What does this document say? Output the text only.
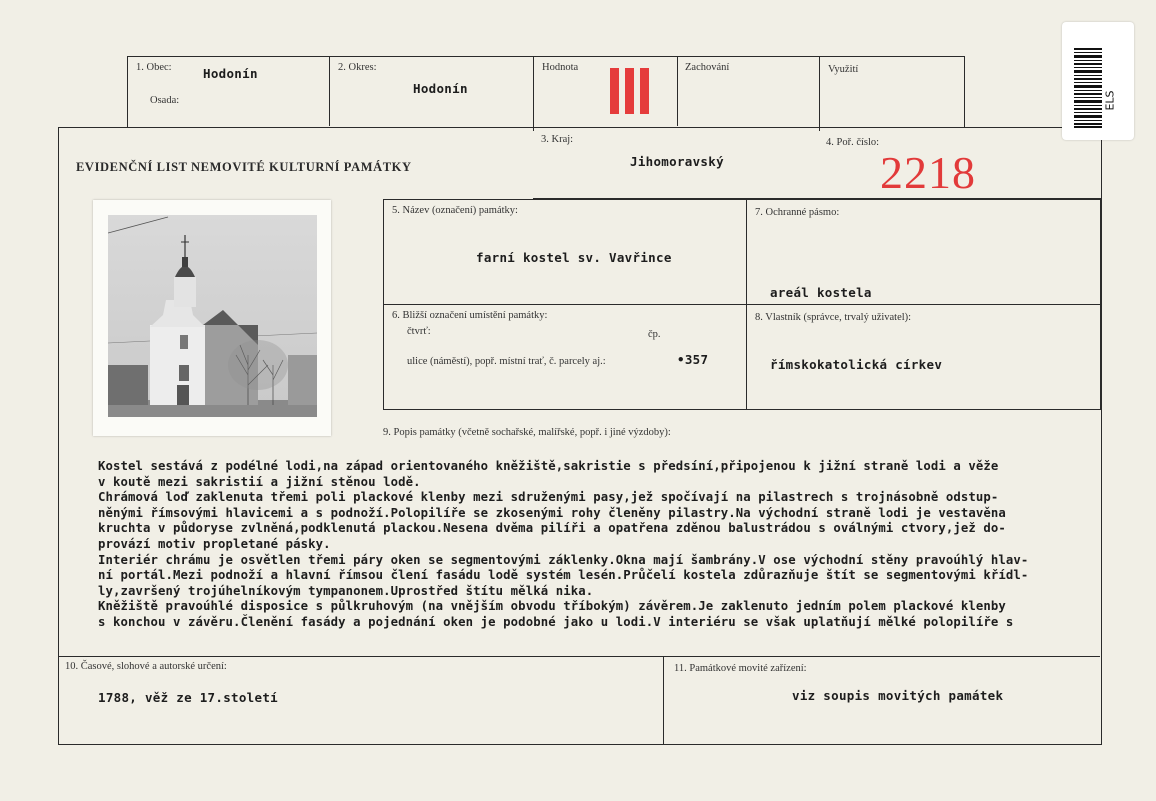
1. Obec:	Hodonín
Osada:
2. Okres:
Hodonín
Hodnota	Zachování	Využití
EVIDENČNÍ LIST NEMOVITÉ KULTURNÍ PAMÁTKY
3. Kraj:
Jihomoravský
4. Poř. číslo:
2218
5. Název (označení) památky:
farní kostel sv. Vavřince
7. Ochranné pásmo:
areál kostela
6. Bližší označení umístění památky:
čtvrť:	čp.
ulice (náměstí), popř. místní trať, č. parcely aj.:	•357
8. Vlastník (správce, trvalý uživatel):
římskokatolická církev
9. Popis památky (včetně sochařské, malířské, popř. i jiné výzdoby):
Kostel sestává z podélné lodi,na západ orientovaného kněžiště,sakristie s předsíní,připojenou k jižní straně lodi a věže
v koutě mezi sakristií a jižní stěnou lodě.
Chrámová loď zaklenuta třemi poli plackové klenby mezi sdruženými pasy,jež spočívají na pilastrech s trojnásobně odstup-
něnými římsovými hlavicemi a s podnoží.Polopilíře se zkosenými rohy členěny pilastry.Na východní straně lodi je vestavěna
kruchta v půdoryse zvlněná,podklenutá plackou.Nesena dvěma pilíři a opatřena zděnou balustrádou s oválnými ctvory,jež do-
provází motiv propletané pásky.
Interiér chrámu je osvětlen třemi páry oken se segmentovými záklenky.Okna mají šambrány.V ose východní stěny pravoúhlý hlav-
ní portál.Mezi podnoží a hlavní římsou člení fasádu lodě systém lesén.Průčelí kostela zdůrazňuje štít se segmentovými křídl-
ly,završený trojúhelníkovým tympanonem.Uprostřed štítu mělká nika.
Kněžiště pravoúhlé disposice s půlkruhovým (na vnějším obvodu tříbokým) závěrem.Je zaklenuto jedním polem plackové klenby
s konchou v závěru.Členění fasády a pojednání oken je podobné jako u lodi.V interiéru se však uplatňují mělké polopilíře s
10. Časové, slohové a autorské určení:
1788, věž ze 17.století
11. Památkové movité zařízení:
viz soupis movitých památek
ELS
